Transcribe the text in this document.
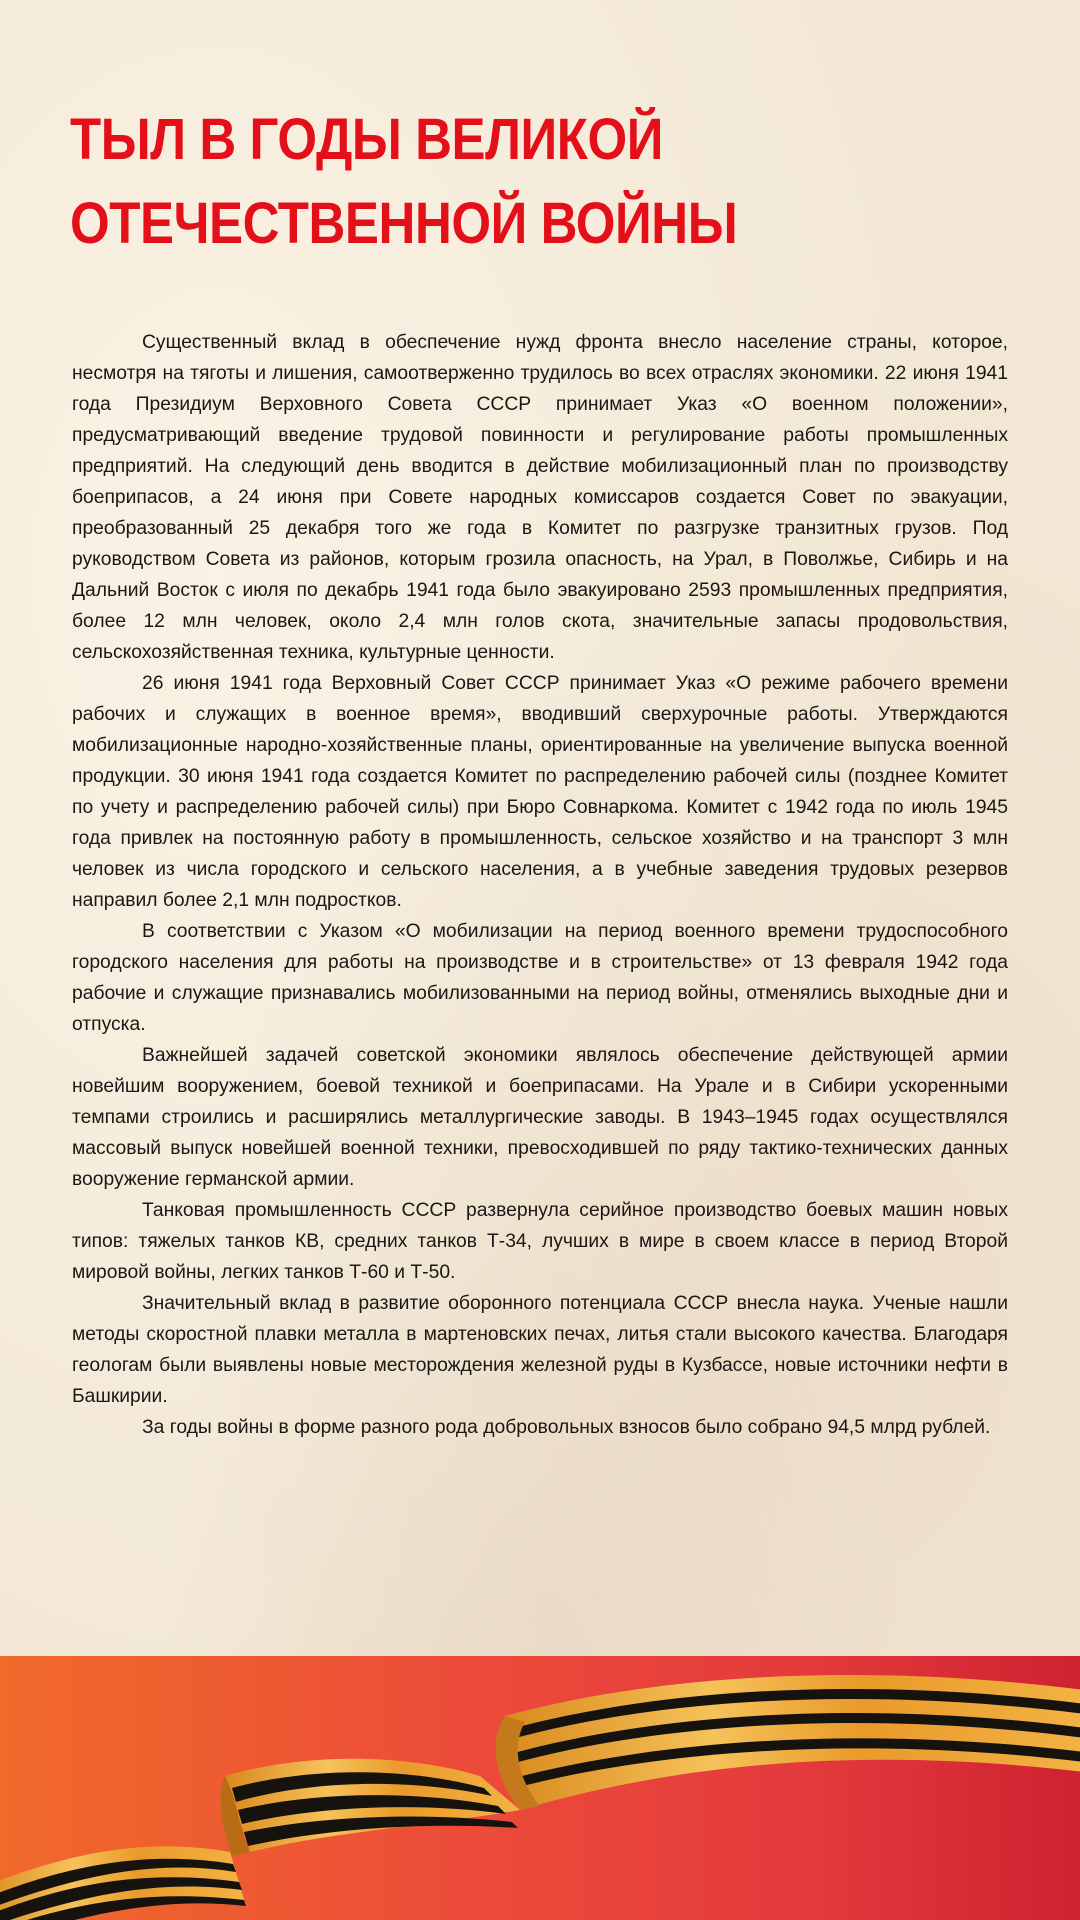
ТЫЛ В ГОДЫ ВЕЛИКОЙ
ОТЕЧЕСТВЕННОЙ ВОЙНЫ

Существенный вклад в обеспечение нужд фронта внесло население страны, которое, несмотря на тяготы и лишения, самоотверженно трудилось во всех отраслях экономики. 22 июня 1941 года Президиум Верховного Совета СССР принимает Указ «О военном положении», предусматривающий введение трудовой повинности и регулирование работы промышленных предприятий. На следующий день вводится в действие мобилизационный план по производству боеприпасов, а 24 июня при Совете народных комиссаров создается Совет по эвакуации, преобразованный 25 декабря того же года в Комитет по разгрузке транзитных грузов. Под руководством Совета из районов, которым грозила опасность, на Урал, в Поволжье, Сибирь и на Дальний Восток с июля по декабрь 1941 года было эвакуировано 2593 промышленных предприятия, более 12 млн человек, около 2,4 млн голов скота, значительные запасы продовольствия, сельскохозяйственная техника, культурные ценности.

26 июня 1941 года Верховный Совет СССР принимает Указ «О режиме рабочего времени рабочих и служащих в военное время», вводивший сверхурочные работы. Утверждаются мобилизационные народно-хозяйственные планы, ориентированные на увеличение выпуска военной продукции. 30 июня 1941 года создается Комитет по распределению рабочей силы (позднее Комитет по учету и распределению рабочей силы) при Бюро Совнаркома. Комитет с 1942 года по июль 1945 года привлек на постоянную работу в промышленность, сельское хозяйство и на транспорт 3 млн человек из числа городского и сельского населения, а в учебные заведения трудовых резервов направил более 2,1 млн подростков.

В соответствии с Указом «О мобилизации на период военного времени трудоспособного городского населения для работы на производстве и в строительстве» от 13 февраля 1942 года рабочие и служащие признавались мобилизованными на период войны, отменялись выходные дни и отпуска.

Важнейшей задачей советской экономики являлось обеспечение действующей армии новейшим вооружением, боевой техникой и боеприпасами. На Урале и в Сибири ускоренными темпами строились и расширялись металлургические заводы. В 1943–1945 годах осуществлялся массовый выпуск новейшей военной техники, превосходившей по ряду тактико-технических данных вооружение германской армии.

Танковая промышленность СССР развернула серийное производство боевых машин новых типов: тяжелых танков КВ, средних танков Т-34, лучших в мире в своем классе в период Второй мировой войны, легких танков Т-60 и Т-50.

Значительный вклад в развитие оборонного потенциала СССР внесла наука. Ученые нашли методы скоростной плавки металла в мартеновских печах, литья стали высокого качества. Благодаря геологам были выявлены новые месторождения железной руды в Кузбассе, новые источники нефти в Башкирии.

За годы войны в форме разного рода добровольных взносов было собрано 94,5 млрд рублей.
